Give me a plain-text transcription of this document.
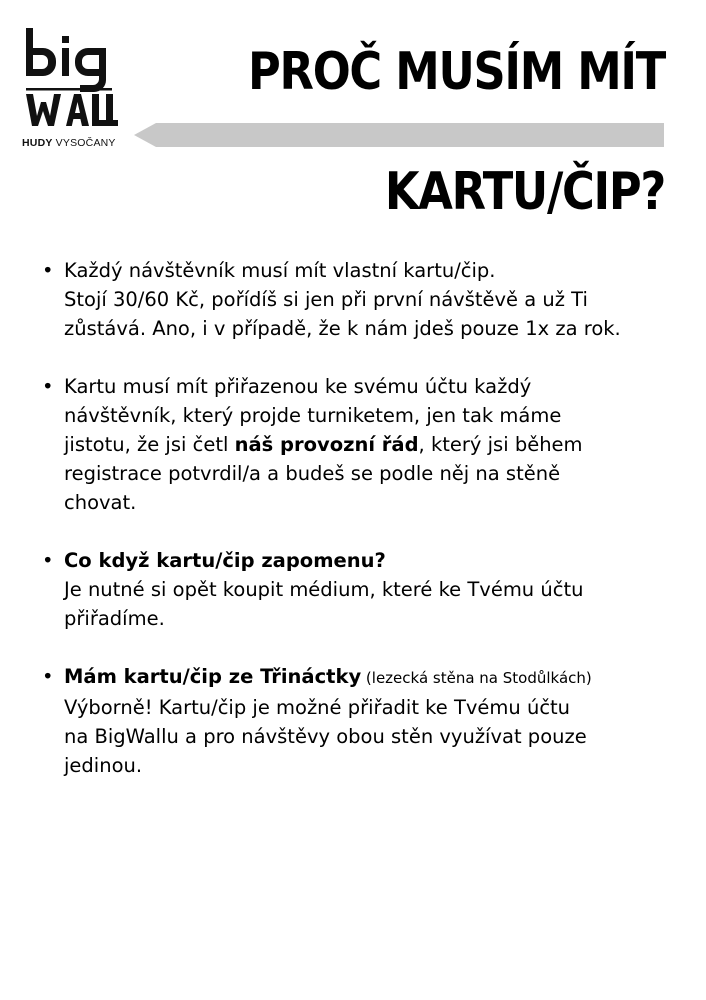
HUDY VYSOČANY
PROČ MUSÍM MÍT
KARTU/ČIP?
• Každý návštěvník musí mít vlastní kartu/čip.
Stojí 30/60 Kč, pořídíš si jen při první návštěvě a už Ti
zůstává. Ano, i v případě, že k nám jdeš pouze 1x za rok.
• Kartu musí mít přiřazenou ke svému účtu každý
návštěvník, který projde turniketem, jen tak máme
jistotu, že jsi četl náš provozní řád, který jsi během
registrace potvrdil/a a budeš se podle něj na stěně
chovat.
• Co když kartu/čip zapomenu?
Je nutné si opět koupit médium, které ke Tvému účtu
přiřadíme.
• Mám kartu/čip ze Třináctky (lezecká stěna na Stodůlkách)
Výborně! Kartu/čip je možné přiřadit ke Tvému účtu
na BigWallu a pro návštěvy obou stěn využívat pouze
jedinou.
